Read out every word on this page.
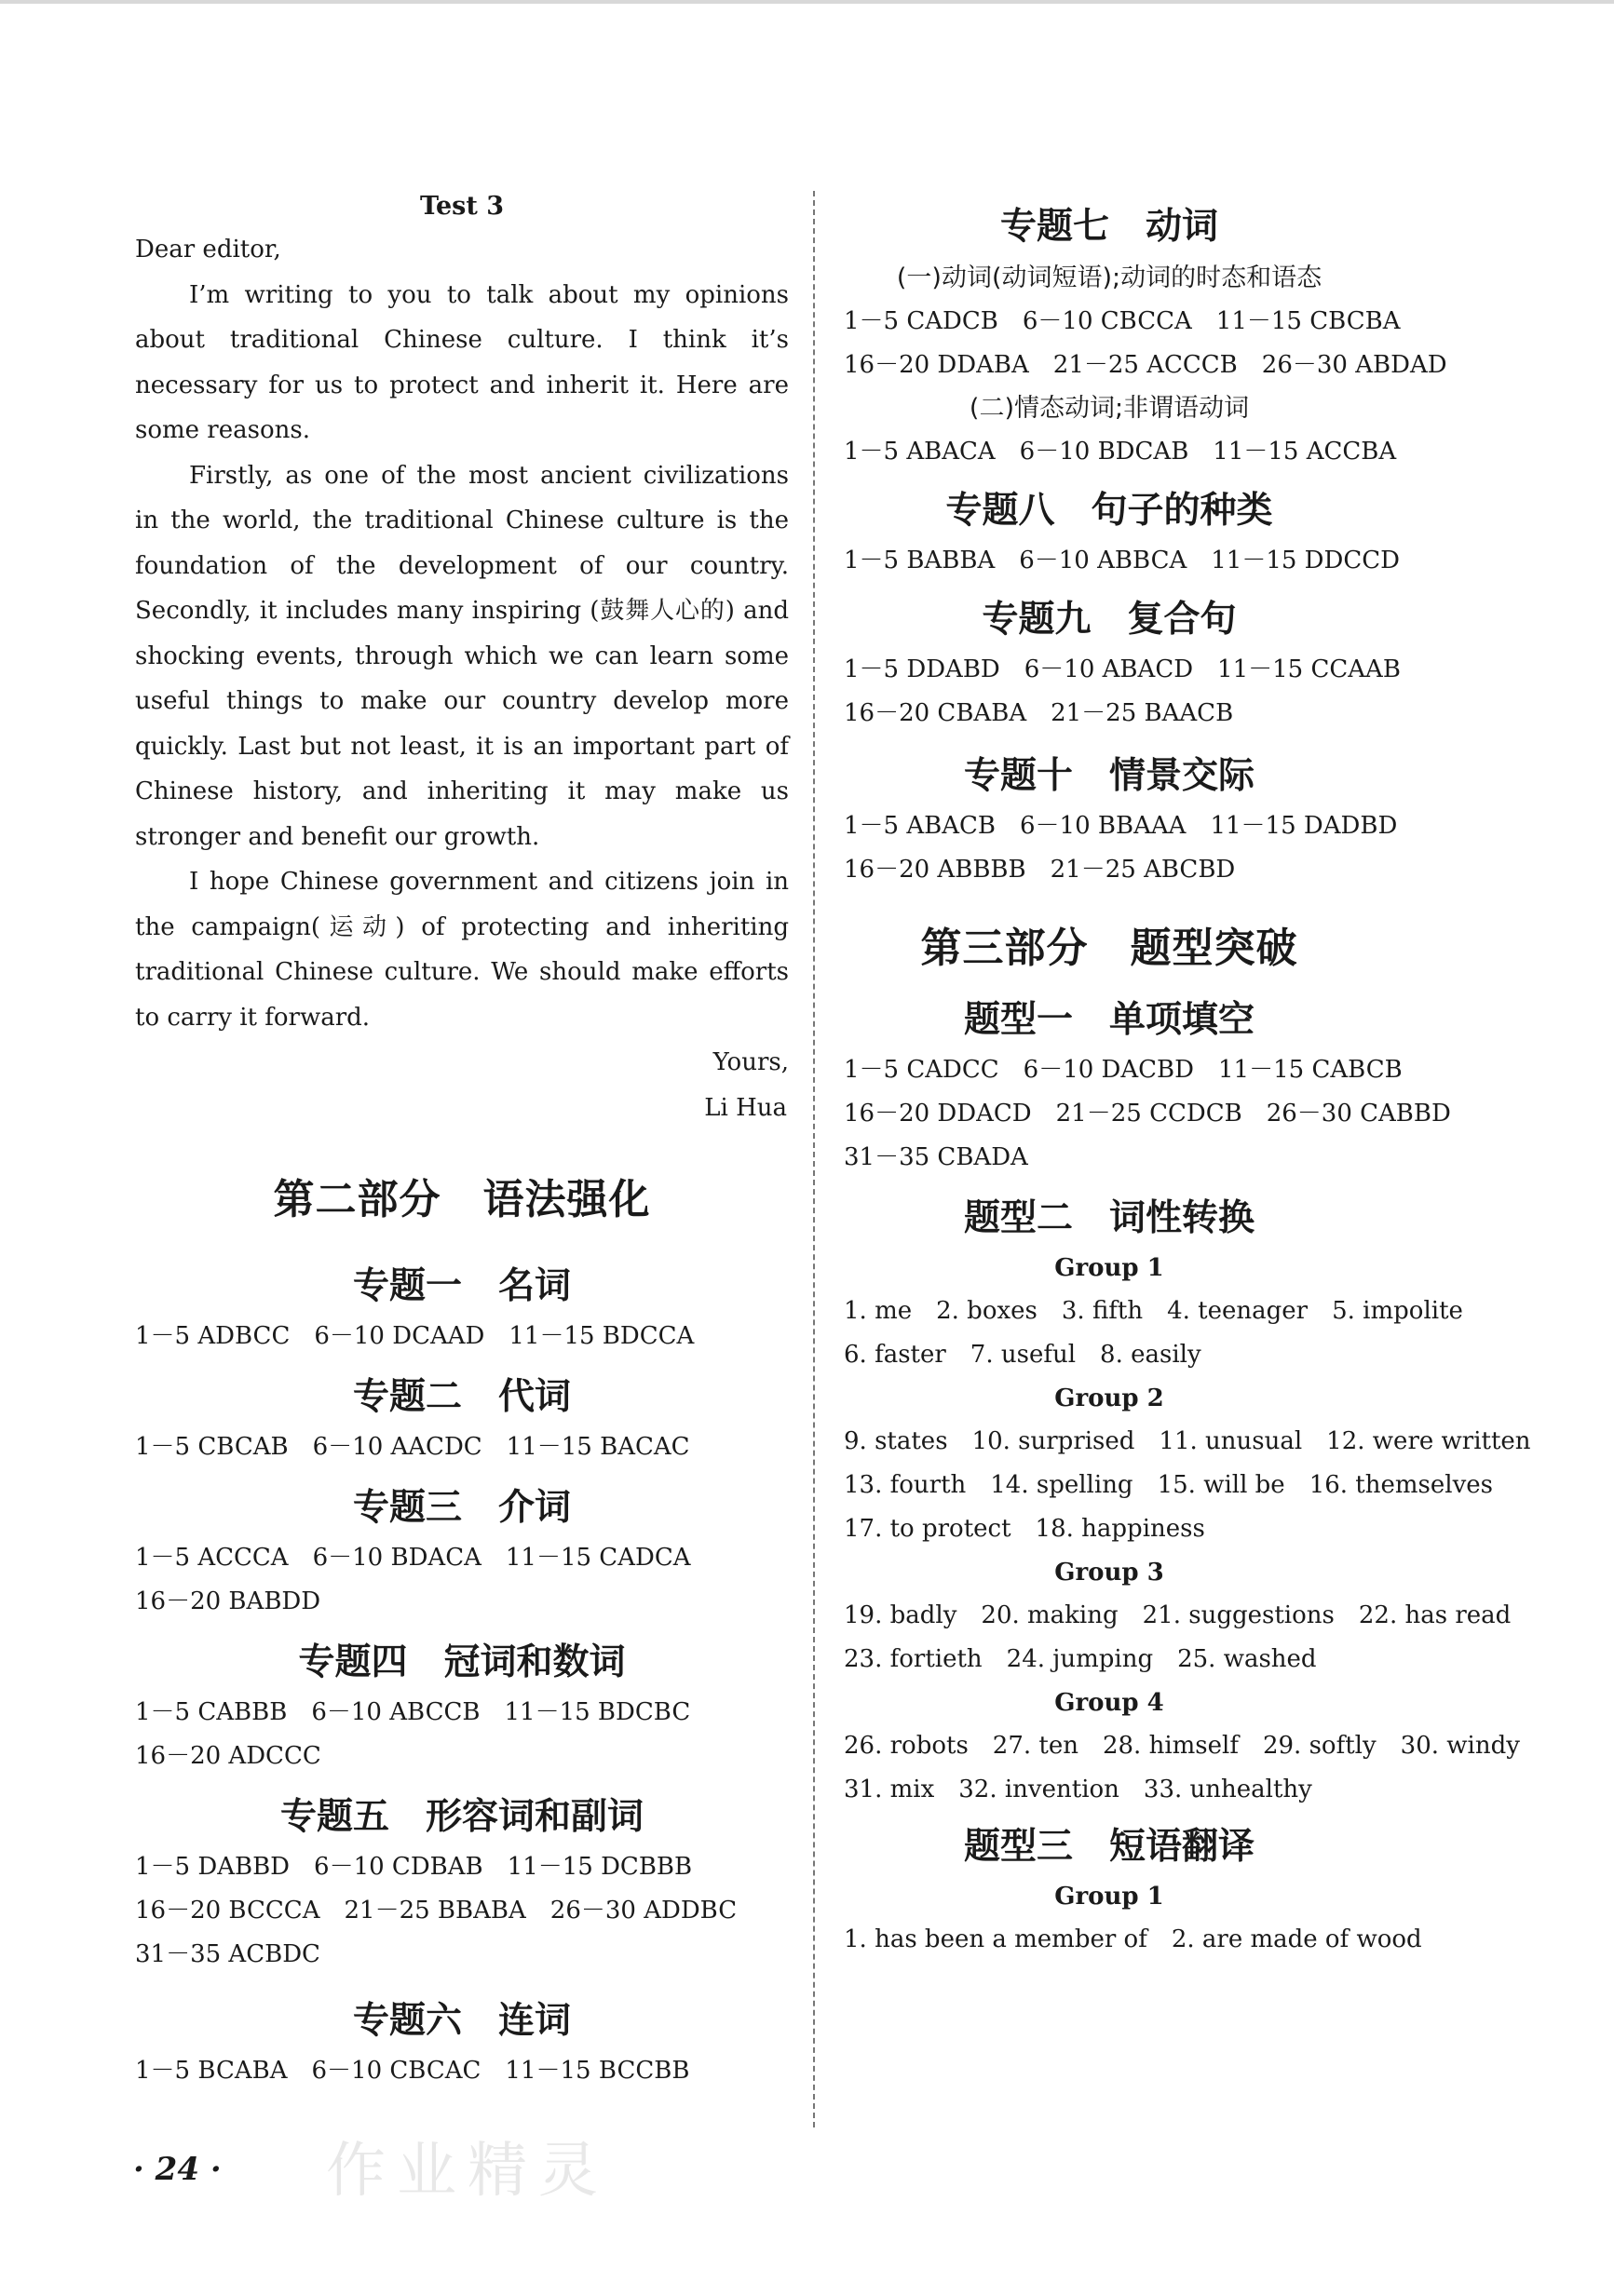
Test 3

Dear editor,

I’m writing to you to talk about my opinions about traditional Chinese culture. I think it’s necessary for us to protect and inherit it. Here are some reasons.

Firstly, as one of the most ancient civilizations in the world, the traditional Chinese culture is the foundation of the development of our country. Secondly, it includes many inspiring (鼓舞人心的) and shocking events, through which we can learn some useful things to make our country develop more quickly. Last but not least, it is an important part of Chinese history, and inheriting it may make us stronger and benefit our growth.

I hope Chinese government and citizens join in the campaign(运动) of protecting and inheriting traditional Chinese culture. We should make efforts to carry it forward.

Yours,

Li Hua

第二部分　语法强化
专题一　名词

1－5 ADBCC　6－10 DCAAD　11－15 BDCCA

专题二　代词

1－5 CBCAB　6－10 AACDC　11－15 BACAC

专题三　介词

1－5 ACCCA　6－10 BDACA　11－15 CADCA

16－20 BABDD

专题四　冠词和数词

1－5 CABBB　6－10 ABCCB　11－15 BDCBC

16－20 ADCCC

专题五　形容词和副词

1－5 DABBD　6－10 CDBAB　11－15 DCBBB

16－20 BCCCA　21－25 BBABA　26－30 ADDBC

31－35 ACBDC

专题六　连词

1－5 BCABA　6－10 CBCAC　11－15 BCCBB

专题七　动词
(一)动词(动词短语);动词的时态和语态

1－5 CADCB　6－10 CBCCA　11－15 CBCBA

16－20 DDABA　21－25 ACCCB　26－30 ABDAD

(二)情态动词;非谓语动词

1－5 ABACA　6－10 BDCAB　11－15 ACCBA

专题八　句子的种类

1－5 BABBA　6－10 ABBCA　11－15 DDCCD

专题九　复合句

1－5 DDABD　6－10 ABACD　11－15 CCAAB

16－20 CBABA　21－25 BAACB

专题十　情景交际

1－5 ABACB　6－10 BBAAA　11－15 DADBD

16－20 ABBBB　21－25 ABCBD

第三部分　题型突破
题型一　单项填空

1－5 CADCC　6－10 DACBD　11－15 CABCB

16－20 DDACD　21－25 CCDCB　26－30 CABBD

31－35 CBADA

题型二　词性转换
Group 1

1. me　2. boxes　3. fifth　4. teenager　5. impolite

6. faster　7. useful　8. easily

Group 2

9. states　10. surprised　11. unusual　12. were written

13. fourth　14. spelling　15. will be　16. themselves

17. to protect　18. happiness

Group 3

19. badly　20. making　21. suggestions　22. has read

23. fortieth　24. jumping　25. washed

Group 4

26. robots　27. ten　28. himself　29. softly　30. windy

31. mix　32. invention　33. unhealthy

题型三　短语翻译
Group 1

1. has been a member of　2. are made of wood

· 24 · 作业精灵
